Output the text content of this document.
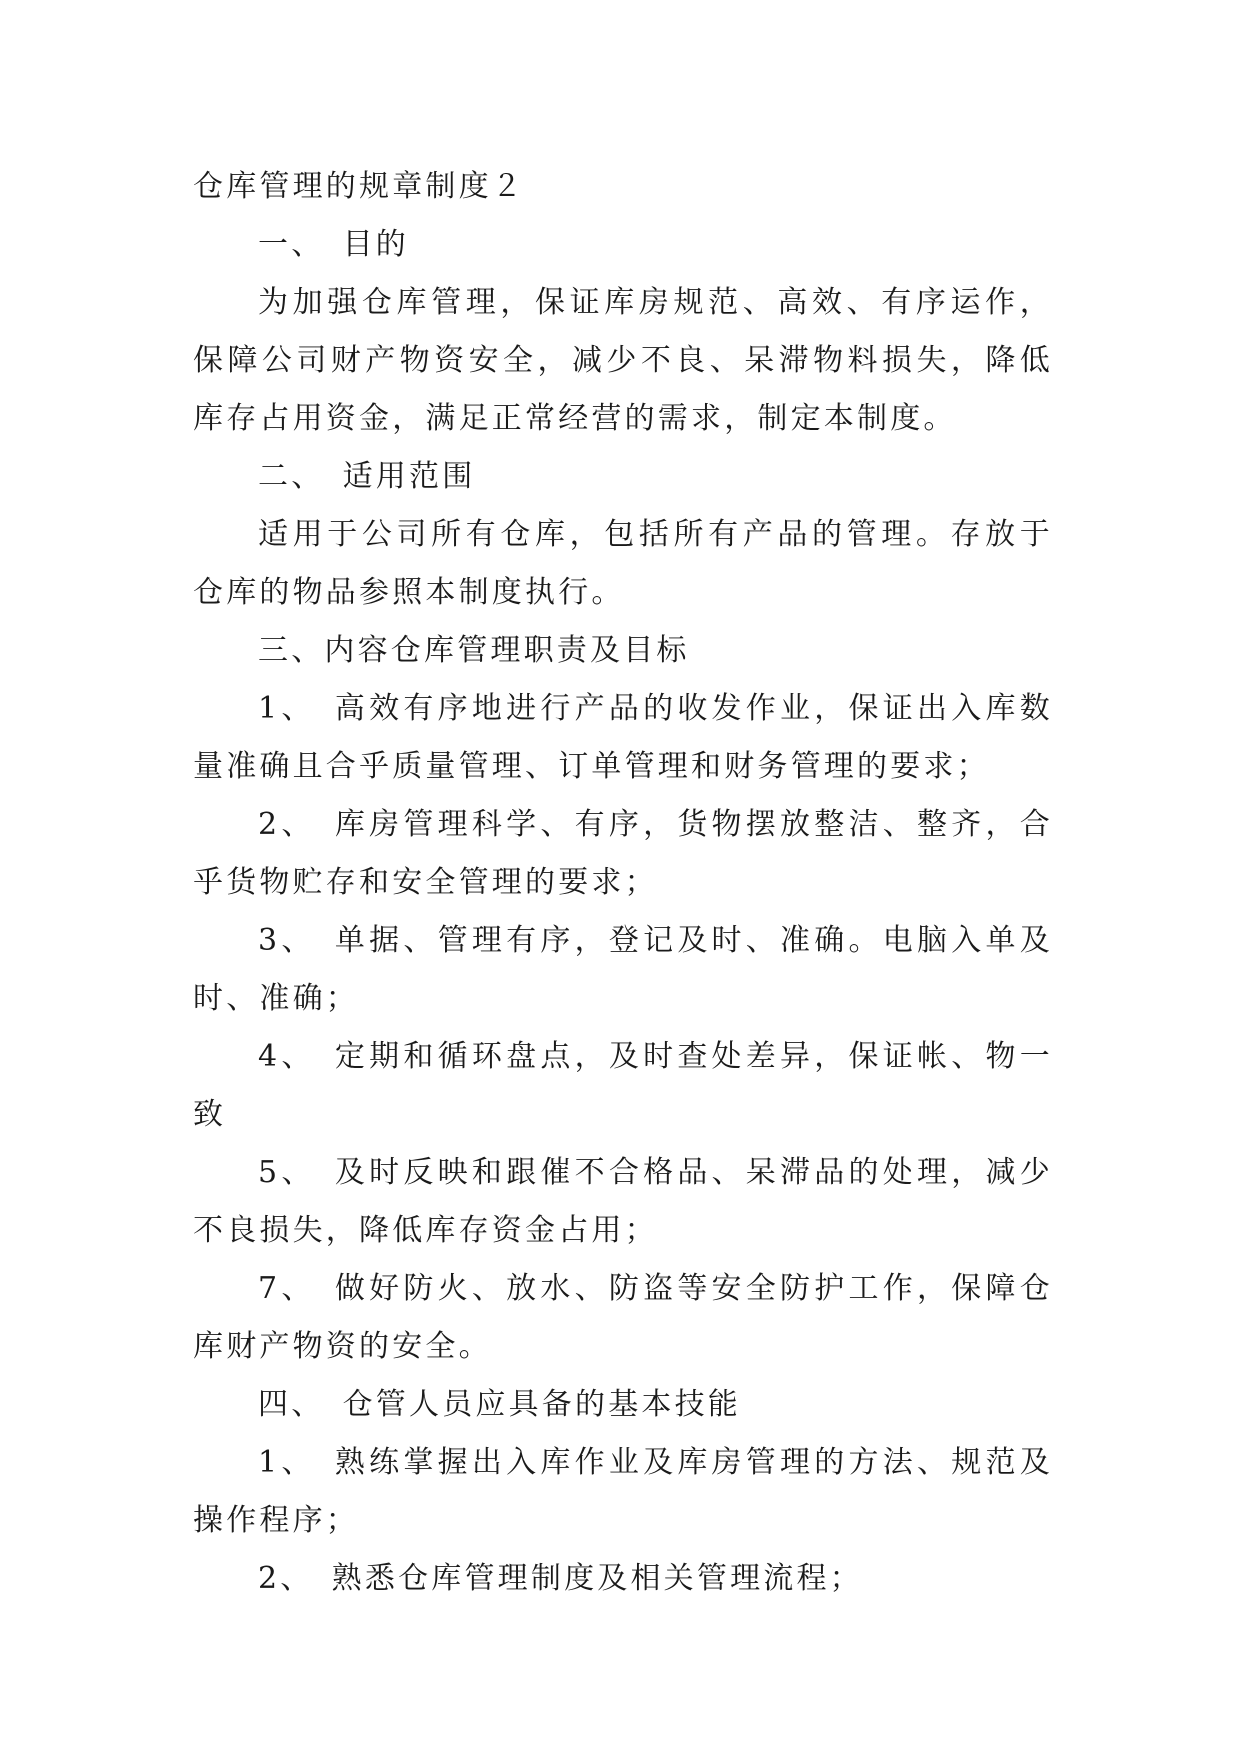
仓库管理的规章制度２

一、　目的

为加强仓库管理，保证库房规范、高效、有序运作，保障公司财产物资安全，减少不良、呆滞物料损失，降低库存占用资金，满足正常经营的需求，制定本制度。

二、　适用范围

适用于公司所有仓库，包括所有产品的管理。存放于仓库的物品参照本制度执行。

三、内容仓库管理职责及目标

1、　高效有序地进行产品的收发作业，保证出入库数量准确且合乎质量管理、订单管理和财务管理的要求；

2、　库房管理科学、有序，货物摆放整洁、整齐，合乎货物贮存和安全管理的要求；

3、　单据、管理有序，登记及时、准确。电脑入单及时、准确；

4、　定期和循环盘点，及时查处差异，保证帐、物一致

5、　及时反映和跟催不合格品、呆滞品的处理，减少不良损失，降低库存资金占用；

7、　做好防火、放水、防盗等安全防护工作，保障仓库财产物资的安全。

四、　仓管人员应具备的基本技能

1、　熟练掌握出入库作业及库房管理的方法、规范及操作程序；

2、　熟悉仓库管理制度及相关管理流程；
